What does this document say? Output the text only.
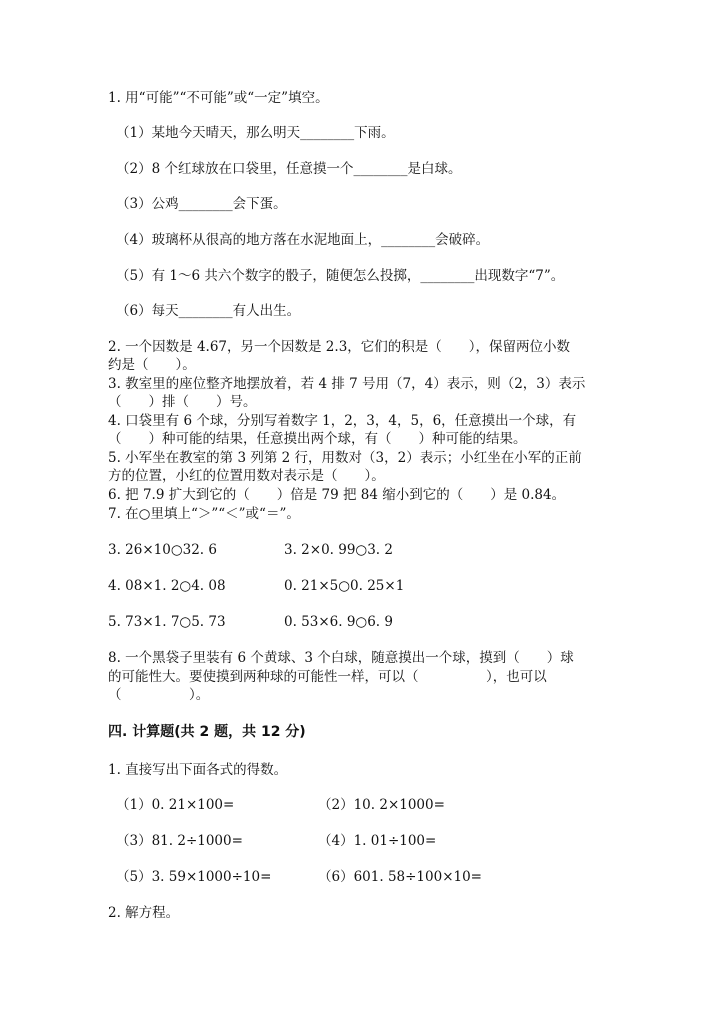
1. 用“可能”“不可能”或“一定”填空。
（1）某地今天晴天，那么明天________下雨。
（2）8 个红球放在口袋里，任意摸一个________是白球。
（3）公鸡________会下蛋。
（4）玻璃杯从很高的地方落在水泥地面上，________会破碎。
（5）有 1～6 共六个数字的骰子，随便怎么投掷，________出现数字“7”。
（6）每天________有人出生。
2. 一个因数是 4.67，另一个因数是 2.3，它们的积是（　　），保留两位小数
约是（　　）。
3. 教室里的座位整齐地摆放着，若 4 排 7 号用（7，4）表示，则（2，3）表示
（　　）排（　　）号。
4. 口袋里有 6 个球，分别写着数字 1，2，3，4，5，6，任意摸出一个球，有
（　　）种可能的结果，任意摸出两个球，有（　　）种可能的结果。
5. 小军坐在教室的第 3 列第 2 行，用数对（3，2）表示；小红坐在小军的正前
方的位置，小红的位置用数对表示是（　　）。
6. 把 7.9 扩大到它的（　　）倍是 79 把 84 缩小到它的（　　）是 0.84。
7. 在○里填上“＞”“＜”或“＝”。
3. 26×10○32. 6	3. 2×0. 99○3. 2
4. 08×1. 2○4. 08	0. 21×5○0. 25×1
5. 73×1. 7○5. 73	0. 53×6. 9○6. 9
8. 一个黑袋子里装有 6 个黄球、3 个白球，随意摸出一个球，摸到（　　）球
的可能性大。要使摸到两种球的可能性一样，可以（　　　　　），也可以
（　　　　　）。
四. 计算题(共 2 题，共 12 分)
1. 直接写出下面各式的得数。
（1）0. 21×100=	（2）10. 2×1000=
（3）81. 2÷1000=	（4）1. 01÷100=
（5）3. 59×1000÷10=	（6）601. 58÷100×10=
2. 解方程。
